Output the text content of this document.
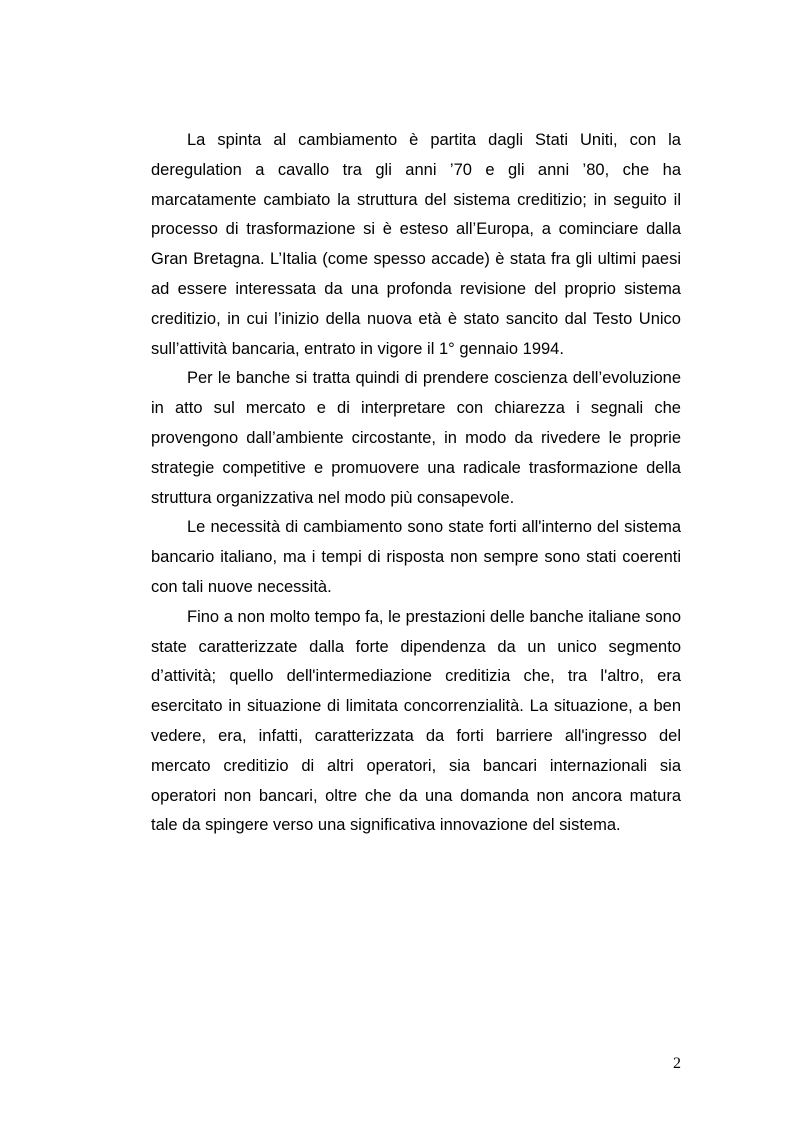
La spinta al cambiamento è partita dagli Stati Uniti, con la deregulation a cavallo tra gli anni ’70 e gli anni ’80, che ha marcatamente cambiato la struttura del sistema creditizio; in seguito il processo di trasformazione si è esteso all’Europa, a cominciare dalla Gran Bretagna. L’Italia (come spesso accade) è stata fra gli ultimi paesi ad essere interessata da una profonda revisione del proprio sistema creditizio, in cui l’inizio della nuova età è stato sancito dal Testo Unico sull’attività bancaria, entrato in vigore il 1° gennaio 1994.

Per le banche si tratta quindi di prendere coscienza dell’evoluzione in atto sul mercato e di interpretare con chiarezza i segnali che provengono dall’ambiente circostante, in modo da rivedere le proprie strategie competitive e promuovere una radicale trasformazione della struttura organizzativa nel modo più consapevole.

Le necessità di cambiamento sono state forti all'interno del sistema bancario italiano, ma i tempi di risposta non sempre sono stati coerenti con tali nuove necessità.

Fino a non molto tempo fa, le prestazioni delle banche italiane sono state caratterizzate dalla forte dipendenza da un unico segmento d’attività; quello dell'intermediazione creditizia che, tra l'altro, era esercitato in situazione di limitata concorrenzialità. La situazione, a ben vedere, era, infatti, caratterizzata da forti barriere all'ingresso del mercato creditizio di altri operatori, sia bancari internazionali sia operatori non bancari, oltre che da una domanda non ancora matura tale da spingere verso una significativa innovazione del sistema.

2
